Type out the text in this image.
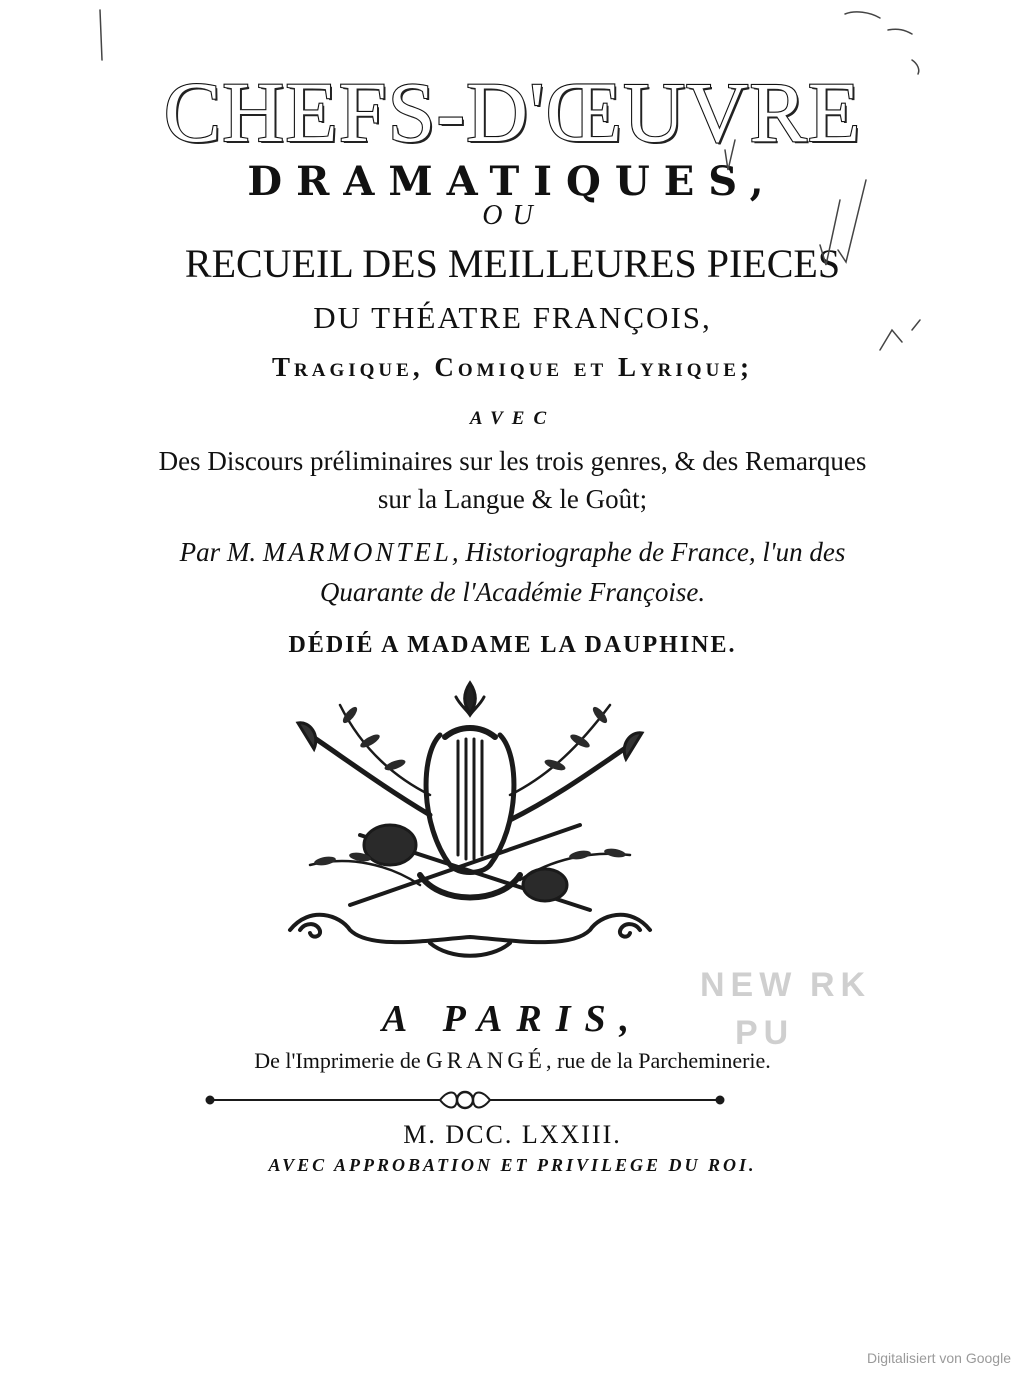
CHEFS-D'ŒUVRE
DRAMATIQUES,
OU
RECUEIL DES MEILLEURES PIECES
DU THÉATRE FRANÇOIS,
Tragique, Comique et Lyrique;
AVEC
Des Discours préliminaires sur les trois genres, & des Remarques
sur la Langue & le Goût;
Par M. MARMONTEL, Historiographe de France, l'un des
Quarante de l'Académie Françoise.
DÉDIÉ A MADAME LA DAUPHINE.
A PARIS,
De l'Imprimerie de GRANGÉ, rue de la Parcheminerie.
M. DCC. LXXIII.
AVEC APPROBATION ET PRIVILEGE DU ROI.
Digitalisiert von Google
NEW RK
PU
